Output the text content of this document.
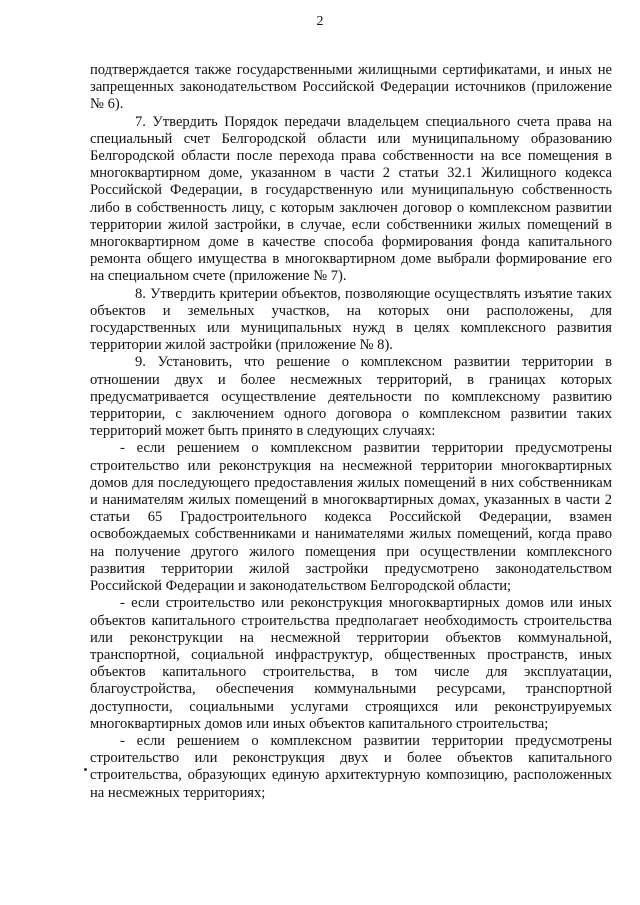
2

подтверждается также государственными жилищными сертификатами, и иных не запрещенных законодательством Российской Федерации источников (приложение № 6).

7. Утвердить Порядок передачи владельцем специального счета права на специальный счет Белгородской области или муниципальному образованию Белгородской области после перехода права собственности на все помещения в многоквартирном доме, указанном в части 2 статьи 32.1 Жилищного кодекса Российской Федерации, в государственную или муниципальную собственность либо в собственность лицу, с которым заключен договор о комплексном развитии территории жилой застройки, в случае, если собственники жилых помещений в многоквартирном доме в качестве способа формирования фонда капитального ремонта общего имущества в многоквартирном доме выбрали формирование его на специальном счете (приложение № 7).

8. Утвердить критерии объектов, позволяющие осуществлять изъятие таких объектов и земельных участков, на которых они расположены, для государственных или муниципальных нужд в целях комплексного развития территории жилой застройки (приложение № 8).

9. Установить, что решение о комплексном развитии территории в отношении двух и более несмежных территорий, в границах которых предусматривается осуществление деятельности по комплексному развитию территории, с заключением одного договора о комплексном развитии таких территорий может быть принято в следующих случаях:

- если решением о комплексном развитии территории предусмотрены строительство или реконструкция на несмежной территории многоквартирных домов для последующего предоставления жилых помещений в них собственникам и нанимателям жилых помещений в многоквартирных домах, указанных в части 2 статьи 65 Градостроительного кодекса Российской Федерации, взамен освобождаемых собственниками и нанимателями жилых помещений, когда право на получение другого жилого помещения при осуществлении комплексного развития территории жилой застройки предусмотрено законодательством Российской Федерации и законодательством Белгородской области;

- если строительство или реконструкция многоквартирных домов или иных объектов капитального строительства предполагает необходимость строительства или реконструкции на несмежной территории объектов коммунальной, транспортной, социальной инфраструктур, общественных пространств, иных объектов капитального строительства, в том числе для эксплуатации, благоустройства, обеспечения коммунальными ресурсами, транспортной доступности, социальными услугами строящихся или реконструируемых многоквартирных домов или иных объектов капитального строительства;

- если решением о комплексном развитии территории предусмотрены строительство или реконструкция двух и более объектов капитального строительства, образующих единую архитектурную композицию, расположенных на несмежных территориях;
